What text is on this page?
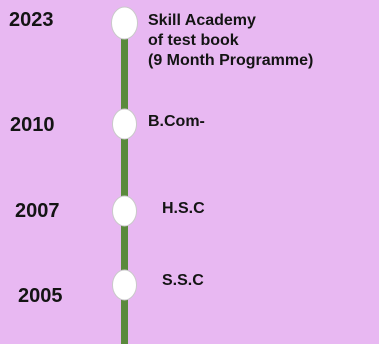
2023
2010
2007
2005
Skill Academy
of test book
(9 Month Programme)
B.Com-
H.S.C
S.S.C
